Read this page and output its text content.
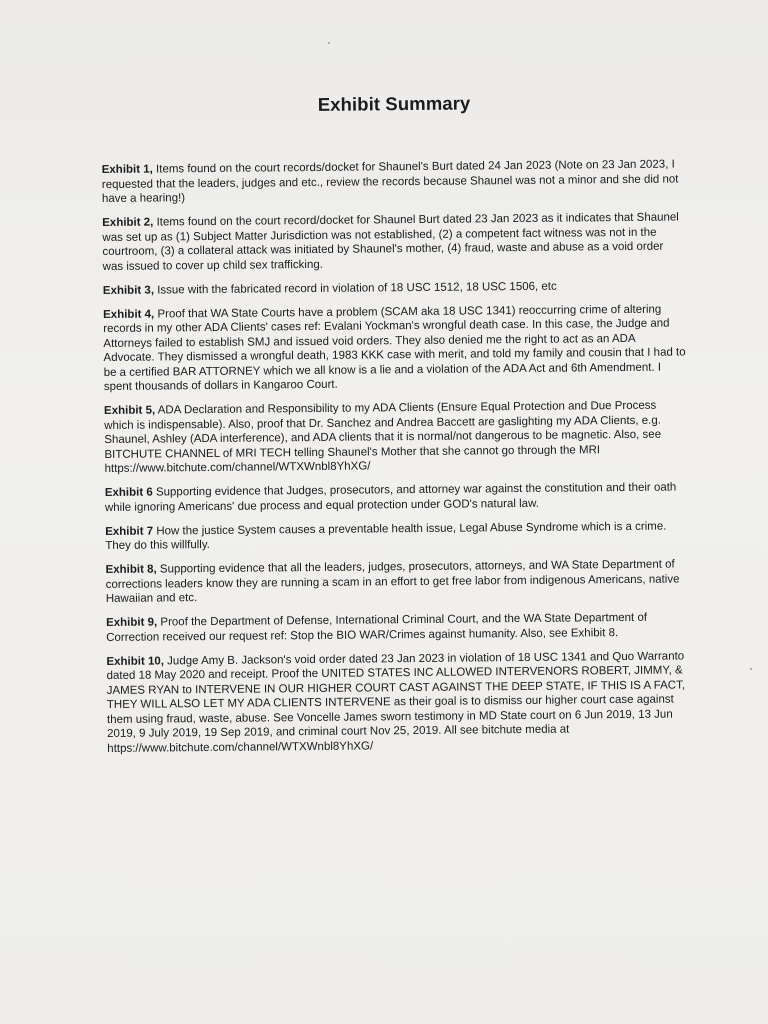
Exhibit Summary

Exhibit 1, Items found on the court records/docket for Shaunel's Burt dated 24 Jan 2023 (Note on 23 Jan 2023, I requested that the leaders, judges and etc., review the records because Shaunel was not a minor and she did not have a hearing!)

Exhibit 2, Items found on the court record/docket for Shaunel Burt dated 23 Jan 2023 as it indicates that Shaunel was set up as (1) Subject Matter Jurisdiction was not established, (2) a competent fact witness was not in the courtroom, (3) a collateral attack was initiated by Shaunel's mother, (4) fraud, waste and abuse as a void order was issued to cover up child sex trafficking.

Exhibit 3, Issue with the fabricated record in violation of 18 USC 1512, 18 USC 1506, etc

Exhibit 4, Proof that WA State Courts have a problem (SCAM aka 18 USC 1341) reoccurring crime of altering records in my other ADA Clients' cases ref: Evalani Yockman's wrongful death case. In this case, the Judge and Attorneys failed to establish SMJ and issued void orders. They also denied me the right to act as an ADA Advocate. They dismissed a wrongful death, 1983 KKK case with merit, and told my family and cousin that I had to be a certified BAR ATTORNEY which we all know is a lie and a violation of the ADA Act and 6th Amendment. I spent thousands of dollars in Kangaroo Court.

Exhibit 5, ADA Declaration and Responsibility to my ADA Clients (Ensure Equal Protection and Due Process which is indispensable). Also, proof that Dr. Sanchez and Andrea Baccett are gaslighting my ADA Clients, e.g. Shaunel, Ashley (ADA interference), and ADA clients that it is normal/not dangerous to be magnetic. Also, see BITCHUTE CHANNEL of MRI TECH telling Shaunel's Mother that she cannot go through the MRI https://www.bitchute.com/channel/WTXWnbl8YhXG/

Exhibit 6 Supporting evidence that Judges, prosecutors, and attorney war against the constitution and their oath while ignoring Americans' due process and equal protection under GOD's natural law.

Exhibit 7 How the justice System causes a preventable health issue, Legal Abuse Syndrome which is a crime. They do this willfully.

Exhibit 8, Supporting evidence that all the leaders, judges, prosecutors, attorneys, and WA State Department of corrections leaders know they are running a scam in an effort to get free labor from indigenous Americans, native Hawaiian and etc.

Exhibit 9, Proof the Department of Defense, International Criminal Court, and the WA State Department of Correction received our request ref: Stop the BIO WAR/Crimes against humanity. Also, see Exhibit 8.

Exhibit 10, Judge Amy B. Jackson's void order dated 23 Jan 2023 in violation of 18 USC 1341 and Quo Warranto dated 18 May 2020 and receipt. Proof the UNITED STATES INC ALLOWED INTERVENORS ROBERT, JIMMY, & JAMES RYAN to INTERVENE IN OUR HIGHER COURT CAST AGAINST THE DEEP STATE, IF THIS IS A FACT, THEY WILL ALSO LET MY ADA CLIENTS INTERVENE as their goal is to dismiss our higher court case against them using fraud, waste, abuse. See Voncelle James sworn testimony in MD State court on 6 Jun 2019, 13 Jun 2019, 9 July 2019, 19 Sep 2019, and criminal court Nov 25, 2019. All see bitchute media at https://www.bitchute.com/channel/WTXWnbl8YhXG/
